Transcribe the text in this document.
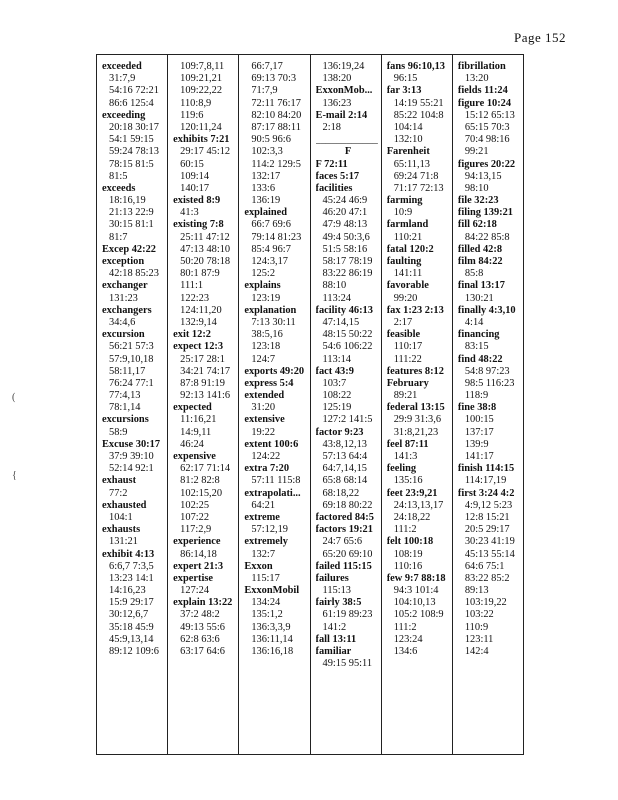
Page 152
(
{
exceeded
31:7,9
54:16 72:21
86:6 125:4
exceeding
20:18 30:17
54:1 59:15
59:24 78:13
78:15 81:5
81:5
exceeds
18:16,19
21:13 22:9
30:15 81:1
81:7
Excep 42:22
exception
42:18 85:23
exchanger
131:23
exchangers
34:4,6
excursion
56:21 57:3
57:9,10,18
58:11,17
76:24 77:1
77:4,13
78:1,14
excursions
58:9
Excuse 30:17
37:9 39:10
52:14 92:1
exhaust
77:2
exhausted
104:1
exhausts
131:21
exhibit 4:13
6:6,7 7:3,5
13:23 14:1
14:16,23
15:9 29:17
30:12,6,7
35:18 45:9
45:9,13,14
89:12 109:6
109:7,8,11
109:21,21
109:22,22
110:8,9
119:6
120:11,24
exhibits 7:21
29:17 45:12
60:15
109:14
140:17
existed 8:9
41:3
existing 7:8
25:11 47:12
47:13 48:10
50:20 78:18
80:1 87:9
111:1
122:23
124:11,20
132:9,14
exit 12:2
expect 12:3
25:17 28:1
34:21 74:17
87:8 91:19
92:13 141:6
expected
11:16,21
14:9,11
46:24
expensive
62:17 71:14
81:2 82:8
102:15,20
102:25
107:22
117:2,9
experience
86:14,18
expert 21:3
expertise
127:24
explain 13:22
37:2 48:2
49:13 55:6
62:8 63:6
63:17 64:6
66:7,17
69:13 70:3
71:7,9
72:11 76:17
82:10 84:20
87:17 88:11
90:5 96:6
102:3,3
114:2 129:5
132:17
133:6
136:19
explained
66:7 69:6
79:14 81:23
85:4 96:7
124:3,17
125:2
explains
123:19
explanation
7:13 30:11
38:5,16
123:18
124:7
exports 49:20
express 5:4
extended
31:20
extensive
19:22
extent 100:6
124:22
extra 7:20
57:11 115:8
extrapolati...
64:21
extreme
57:12,19
extremely
132:7
Exxon
115:17
ExxonMobil
134:24
135:1,2
136:3,3,9
136:11,14
136:16,18
136:19,24
138:20
ExxonMob...
136:23
E-mail 2:14
2:18
____________
F
F 72:11
faces 5:17
facilities
45:24 46:9
46:20 47:1
47:9 48:13
49:4 50:3,6
51:5 58:16
58:17 78:19
83:22 86:19
88:10
113:24
facility 46:13
47:14,15
48:15 50:22
54:6 106:22
113:14
fact 43:9
103:7
108:22
125:19
127:2 141:5
factor 9:23
43:8,12,13
57:13 64:4
64:7,14,15
65:8 68:14
68:18,22
69:18 80:22
factored 84:5
factors 19:21
24:7 65:6
65:20 69:10
failed 115:15
failures
115:13
fairly 38:5
61:19 89:23
141:2
fall 13:11
familiar
49:15 95:11
fans 96:10,13
96:15
far 3:13
14:19 55:21
85:22 104:8
104:14
132:10
Farenheit
65:11,13
69:24 71:8
71:17 72:13
farming
10:9
farmland
110:21
fatal 120:2
faulting
141:11
favorable
99:20
fax 1:23 2:13
2:17
feasible
110:17
111:22
features 8:12
February
89:21
federal 13:15
29:9 31:3,6
31:8,21,23
feel 87:11
141:3
feeling
135:16
feet 23:9,21
24:13,13,17
24:18,22
111:2
felt 100:18
108:19
110:16
few 9:7 88:18
94:3 101:4
104:10,13
105:2 108:9
111:2
123:24
134:6
fibrillation
13:20
fields 11:24
figure 10:24
15:12 65:13
65:15 70:3
70:4 98:16
99:21
figures 20:22
94:13,15
98:10
file 32:23
filing 139:21
fill 62:18
84:22 85:8
filled 42:8
film 84:22
85:8
final 13:17
130:21
finally 4:3,10
4:14
financing
83:15
find 48:22
54:8 97:23
98:5 116:23
118:9
fine 38:8
100:15
137:17
139:9
141:17
finish 114:15
114:17,19
first 3:24 4:2
4:9,12 5:23
12:8 15:21
20:5 29:17
30:23 41:19
45:13 55:14
64:6 75:1
83:22 85:2
89:13
103:19,22
103:22
110:9
123:11
142:4
